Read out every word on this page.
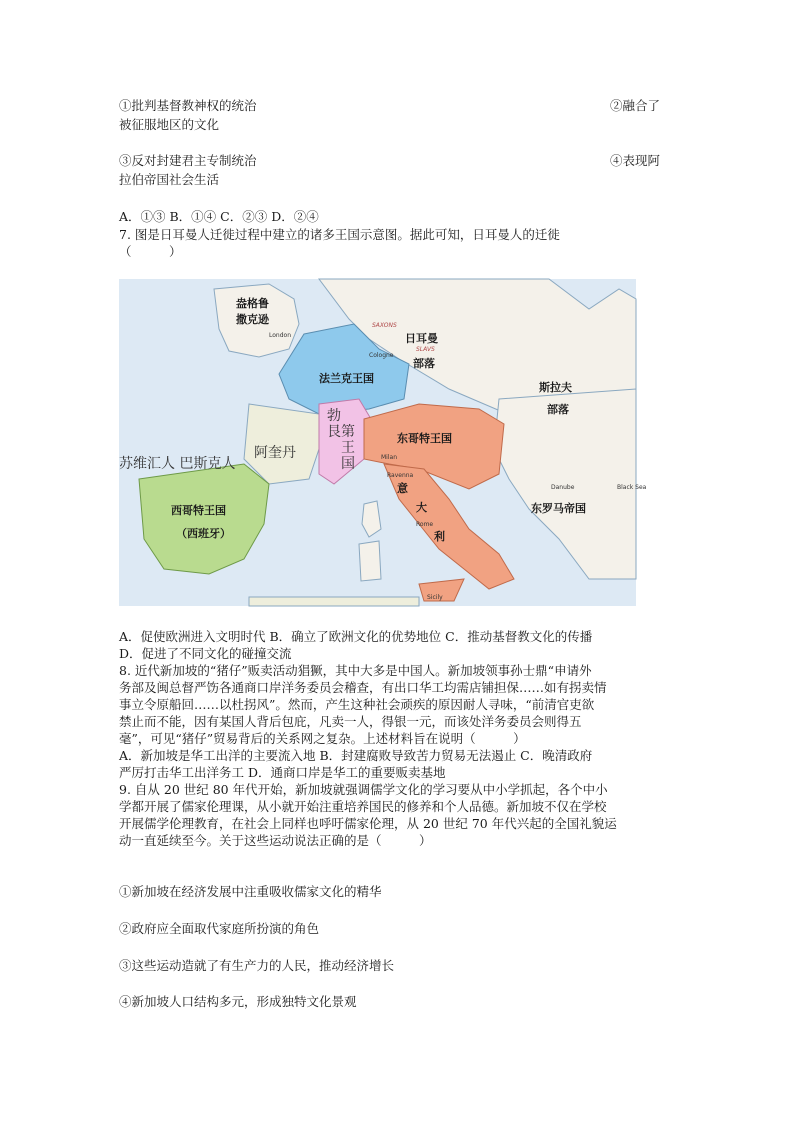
①批判基督教神权的统治	②融合了
被征服地区的文化
③反对封建君主专制统治	④表现阿
拉伯帝国社会生活
A．①③ B．①④ C．②③ D．②④
7. 图是日耳曼人迁徙过程中建立的诸多王国示意图。据此可知，日耳曼人的迁徙
（　　　）
盎格鲁
撒克逊
London
SAXONS
SLAVS
日耳曼
部落
Cologne
法兰克王国
斯拉夫
部落
勃
艮 第
王
国
阿奎丹
苏维汇人 巴斯克人
东哥特王国
Milan
Ravenna
意
大
利
Rome
Sicily
Danube	Black Sea
西哥特王国
（西班牙）
东罗马帝国
A．促使欧洲进入文明时代 B．确立了欧洲文化的优势地位 C．推动基督教文化的传播
D．促进了不同文化的碰撞交流
8. 近代新加坡的“猪仔”贩卖活动猖獗，其中大多是中国人。新加坡领事孙士鼎“申请外
务部及闽总督严饬各通商口岸洋务委员会稽查，有出口华工均需店铺担保……如有拐卖情
事立令原船回……以杜拐风”。然而，产生这种社会顽疾的原因耐人寻味，“前清官吏欲
禁止而不能，因有某国人背后包庇，凡卖一人，得银一元，而该处洋务委员会则得五
毫”，可见“猪仔”贸易背后的关系网之复杂。上述材料旨在说明（　　　）
A．新加坡是华工出洋的主要流入地 B．封建腐败导致苦力贸易无法遏止 C．晚清政府
严厉打击华工出洋务工 D．通商口岸是华工的重要贩卖基地
9. 自从 20 世纪 80 年代开始，新加坡就强调儒学文化的学习要从中小学抓起，各个中小
学都开展了儒家伦理课，从小就开始注重培养国民的修养和个人品德。新加坡不仅在学校
开展儒学伦理教育，在社会上同样也呼吁儒家伦理，从 20 世纪 70 年代兴起的全国礼貌运
动一直延续至今。关于这些运动说法正确的是（　　　）
①新加坡在经济发展中注重吸收儒家文化的精华
②政府应全面取代家庭所扮演的角色
③这些运动造就了有生产力的人民，推动经济增长
④新加坡人口结构多元，形成独特文化景观
